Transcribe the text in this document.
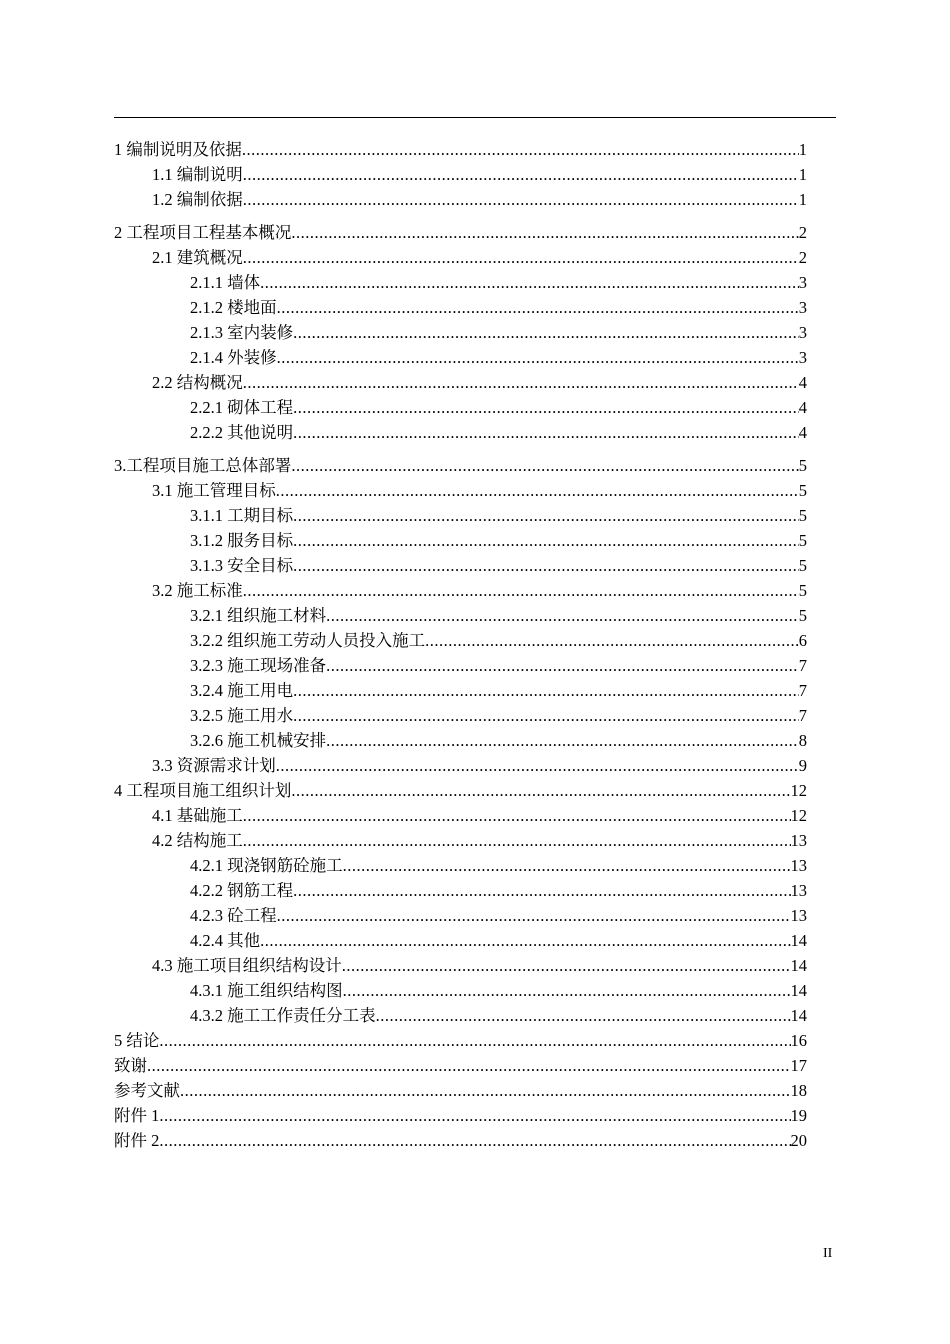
1 编制说明及依据 .....	1
1.1 编制说明 .....	1
1.2 编制依据 .....	1
2 工程项目工程基本概况 .....	2
2.1 建筑概况 .....	2
2.1.1 墙体 .....	3
2.1.2 楼地面 .....	3
2.1.3 室内装修 .....	3
2.1.4 外装修 .....	3
2.2 结构概况 .....	4
2.2.1 砌体工程 .....	4
2.2.2 其他说明 .....	4
3.工程项目施工总体部署 .....	5
3.1 施工管理目标 .....	5
3.1.1 工期目标 .....	5
3.1.2 服务目标 .....	5
3.1.3 安全目标 .....	5
3.2 施工标准 .....	5
3.2.1 组织施工材料 .....	5
3.2.2 组织施工劳动人员投入施工 .....	6
3.2.3 施工现场准备 .....	7
3.2.4 施工用电 .....	7
3.2.5 施工用水 .....	7
3.2.6 施工机械安排 .....	8
3.3 资源需求计划 .....	9
4 工程项目施工组织计划 .....	12
4.1 基础施工 .....	12
4.2 结构施工 .....	13
4.2.1 现浇钢筋砼施工 .....	13
4.2.2 钢筋工程 .....	13
4.2.3 砼工程 .....	13
4.2.4 其他 .....	14
4.3 施工项目组织结构设计 .....	14
4.3.1 施工组织结构图 .....	14
4.3.2 施工工作责任分工表 .....	14
5 结论 .....	16
致谢 .....	17
参考文献 .....	18
附件 1 .....	19
附件 2 .....	20
II
